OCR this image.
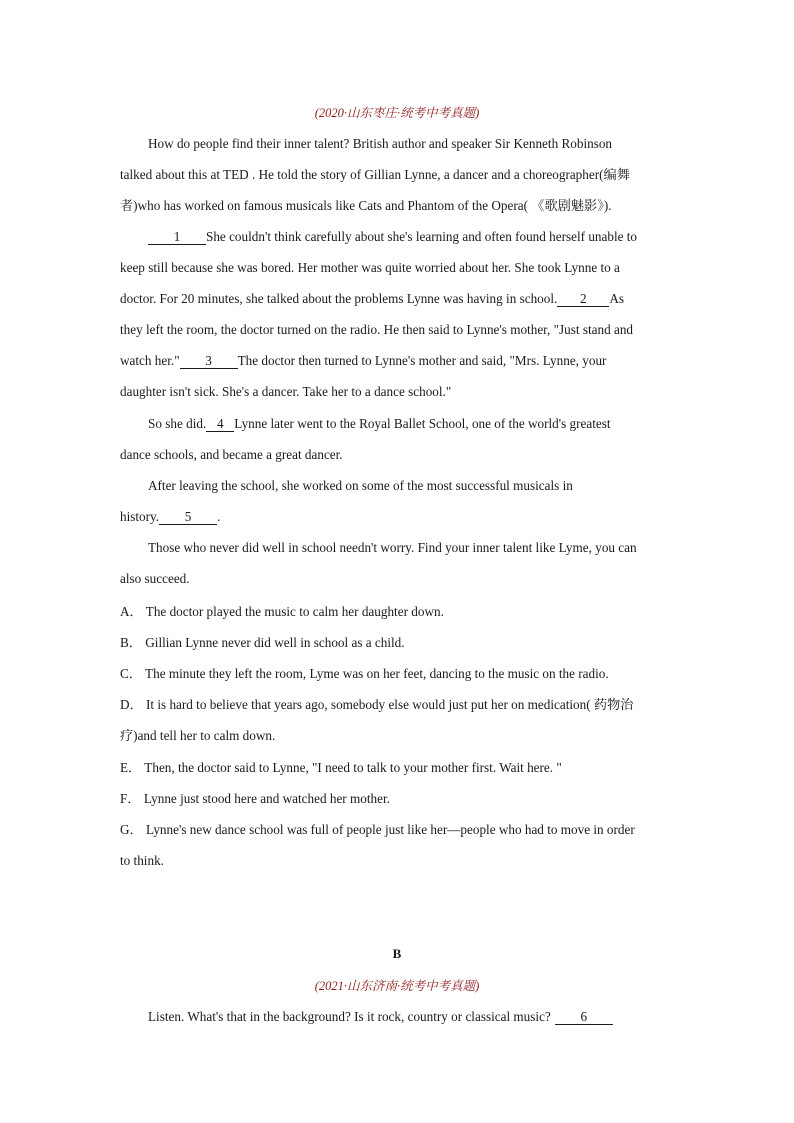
(2020·山东枣庄·统考中考真题)
How do people find their inner talent? British author and speaker Sir Kenneth Robinson
talked about this at TED . He told the story of Gillian Lynne, a dancer and a choreographer(编舞
者)who has worked on famous musicals like Cats and Phantom of the Opera( 《歌剧魅影》).
1 She couldn't think carefully about she's learning and often found herself unable to
keep still because she was bored. Her mother was quite worried about her. She took Lynne to a
doctor. For 20 minutes, she talked about the problems Lynne was having in school. 2 As
they left the room, the doctor turned on the radio. He then said to Lynne's mother, "Just stand and
watch her." 3 The doctor then turned to Lynne's mother and said, "Mrs. Lynne, your
daughter isn't sick. She's a dancer. Take her to a dance school."
So she did. 4 Lynne later went to the Royal Ballet School, one of the world's greatest
dance schools, and became a great dancer.
After leaving the school, she worked on some of the most successful musicals in
history. 5 .
Those who never did well in school needn't worry. Find your inner talent like Lyme, you can
also succeed.
A． The doctor played the music to calm her daughter down.
B． Gillian Lynne never did well in school as a child.
C． The minute they left the room, Lyme was on her feet, dancing to the music on the radio.
D． It is hard to believe that years ago, somebody else would just put her on medication( 药物治
疗)and tell her to calm down.
E． Then, the doctor said to Lynne, "I need to talk to your mother first. Wait here. "
F． Lynne just stood here and watched her mother.
G． Lynne's new dance school was full of people just like her—people who had to move in order
to think.
B
(2021·山东济南·统考中考真题)
Listen. What's that in the background? Is it rock, country or classical music? 6
